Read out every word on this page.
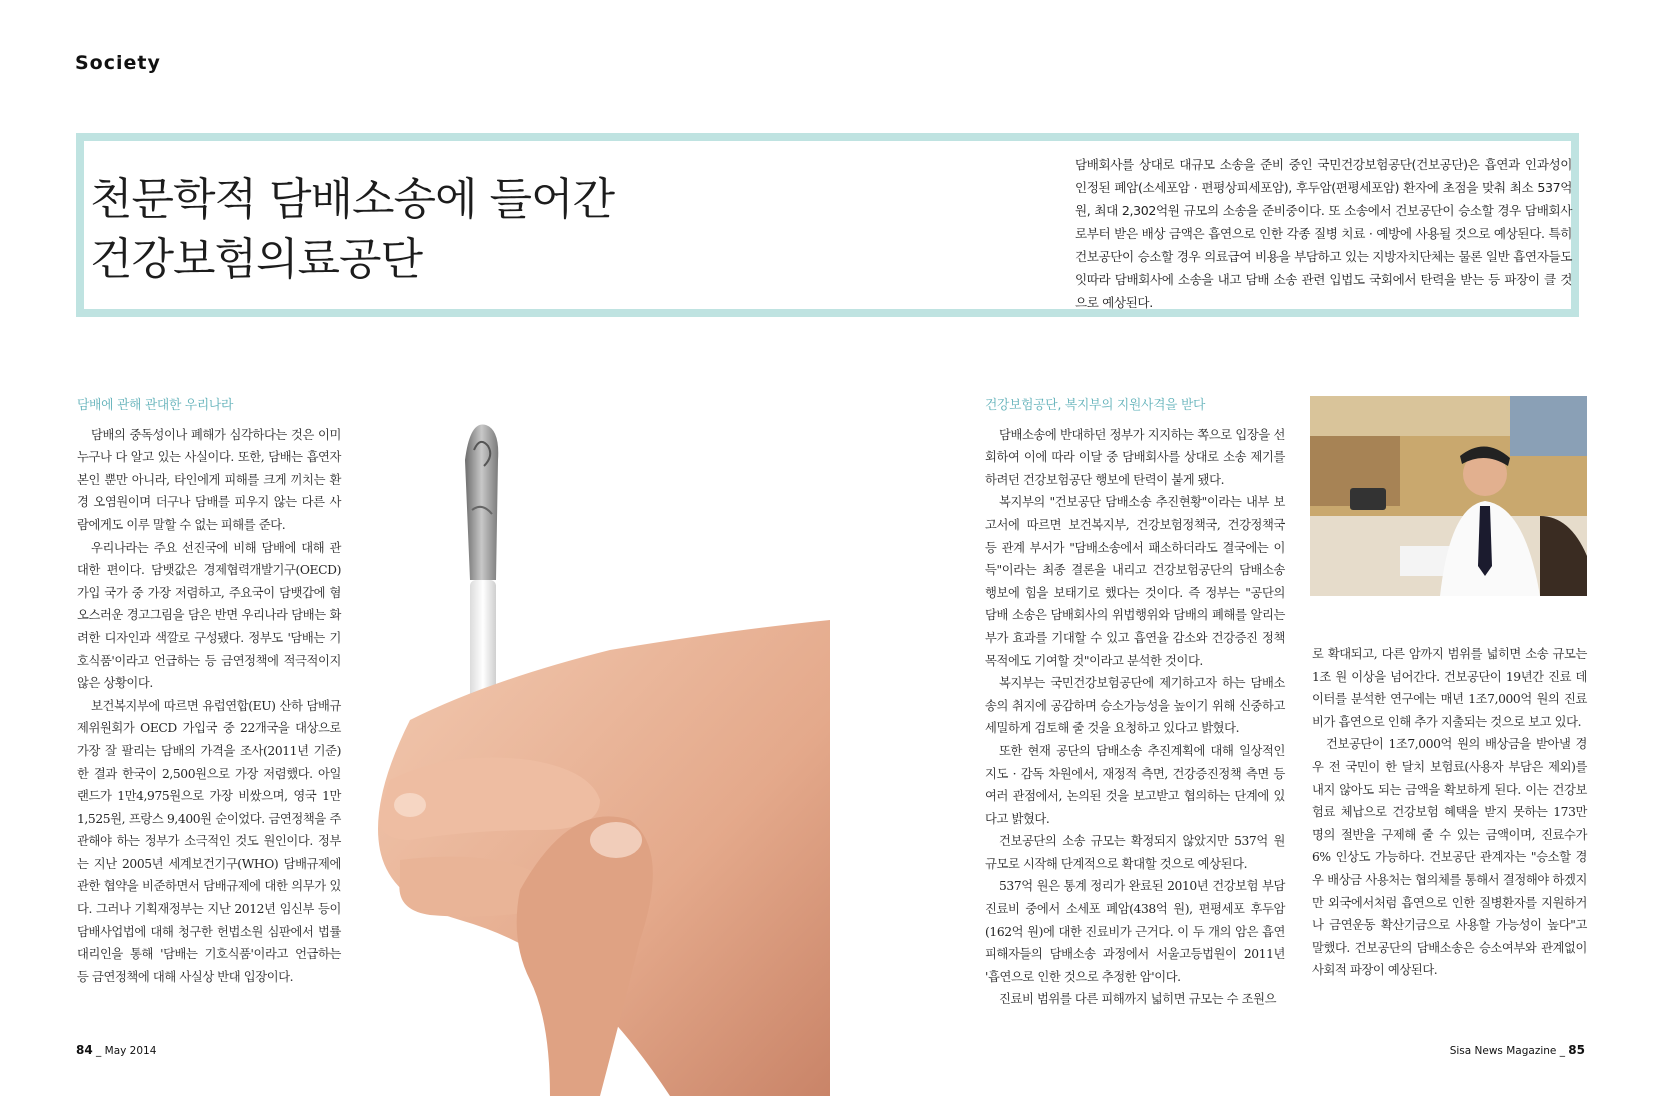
Society
천문학적 담배소송에 들어간
건강보험의료공단
담배회사를 상대로 대규모 소송을 준비 중인 국민건강보험공단(건보공단)은 흡연과 인과성이 인정된 폐암(소세포암 · 편평상피세포암), 후두암(편평세포암) 환자에 초점을 맞춰 최소 537억원, 최대 2,302억원 규모의 소송을 준비중이다. 또 소송에서 건보공단이 승소할 경우 담배회사로부터 받은 배상 금액은 흡연으로 인한 각종 질병 치료 · 예방에 사용될 것으로 예상된다. 특히 건보공단이 승소할 경우 의료급여 비용을 부담하고 있는 지방자치단체는 물론 일반 흡연자들도 잇따라 담배회사에 소송을 내고 담배 소송 관련 입법도 국회에서 탄력을 받는 등 파장이 클 것으로 예상된다.

담배에 관해 관대한 우리나라

담배의 중독성이나 폐해가 심각하다는 것은 이미 누구나 다 알고 있는 사실이다. 또한, 담배는 흡연자 본인 뿐만 아니라, 타인에게 피해를 크게 끼치는 환경 오염원이며 더구나 담배를 피우지 않는 다른 사람에게도 이루 말할 수 없는 피해를 준다.

우리나라는 주요 선진국에 비해 담배에 대해 관대한 편이다. 담뱃값은 경제협력개발기구(OECD) 가입 국가 중 가장 저렴하고, 주요국이 담뱃갑에 혐오스러운 경고그림을 담은 반면 우리나라 담배는 화려한 디자인과 색깔로 구성됐다. 정부도 '담배는 기호식품'이라고 언급하는 등 금연정책에 적극적이지 않은 상황이다.

보건복지부에 따르면 유럽연합(EU) 산하 담배규제위원회가 OECD 가입국 중 22개국을 대상으로 가장 잘 팔리는 담배의 가격을 조사(2011년 기준)한 결과 한국이 2,500원으로 가장 저렴했다. 아일랜드가 1만4,975원으로 가장 비쌌으며, 영국 1만1,525원, 프랑스 9,400원 순이었다. 금연정책을 주관해야 하는 정부가 소극적인 것도 원인이다. 정부는 지난 2005년 세계보건기구(WHO) 담배규제에 관한 협약을 비준하면서 담배규제에 대한 의무가 있다. 그러나 기획재정부는 지난 2012년 임신부 등이 담배사업법에 대해 청구한 헌법소원 심판에서 법률대리인을 통해 '담배는 기호식품'이라고 언급하는 등 금연정책에 대해 사실상 반대 입장이다.

건강보험공단, 복지부의 지원사격을 받다

담배소송에 반대하던 정부가 지지하는 쪽으로 입장을 선회하여 이에 따라 이달 중 담배회사를 상대로 소송 제기를 하려던 건강보험공단 행보에 탄력이 붙게 됐다.

복지부의 "건보공단 담배소송 추진현황"이라는 내부 보고서에 따르면 보건복지부, 건강보험정책국, 건강정책국 등 관계 부서가 "담배소송에서 패소하더라도 결국에는 이득"이라는 최종 결론을 내리고 건강보험공단의 담배소송 행보에 힘을 보태기로 했다는 것이다. 즉 정부는 "공단의 담배 소송은 담배회사의 위법행위와 담배의 폐해를 알리는 부가 효과를 기대할 수 있고 흡연율 감소와 건강증진 정책 목적에도 기여할 것"이라고 분석한 것이다.

복지부는 국민건강보험공단에 제기하고자 하는 담배소송의 취지에 공감하며 승소가능성을 높이기 위해 신중하고 세밀하게 검토해 줄 것을 요청하고 있다고 밝혔다.

또한 현재 공단의 담배소송 추진계획에 대해 일상적인 지도 · 감독 차원에서, 재정적 측면, 건강증진정책 측면 등 여러 관점에서, 논의된 것을 보고받고 협의하는 단계에 있다고 밝혔다.

건보공단의 소송 규모는 확정되지 않았지만 537억 원 규모로 시작해 단계적으로 확대할 것으로 예상된다.

537억 원은 통계 정리가 완료된 2010년 건강보험 부담 진료비 중에서 소세포 폐암(438억 원), 편평세포 후두암(162억 원)에 대한 진료비가 근거다. 이 두 개의 암은 흡연 피해자들의 담배소송 과정에서 서울고등법원이 2011년 '흡연으로 인한 것으로 추정한 암'이다.

진료비 범위를 다른 피해까지 넓히면 규모는 수 조원으

로 확대되고, 다른 암까지 범위를 넓히면 소송 규모는 1조 원 이상을 넘어간다. 건보공단이 19년간 진료 데이터를 분석한 연구에는 매년 1조7,000억 원의 진료비가 흡연으로 인해 추가 지출되는 것으로 보고 있다.

건보공단이 1조7,000억 원의 배상금을 받아낼 경우 전 국민이 한 달치 보험료(사용자 부담은 제외)를 내지 않아도 되는 금액을 확보하게 된다. 이는 건강보험료 체납으로 건강보험 혜택을 받지 못하는 173만 명의 절반을 구제해 줄 수 있는 금액이며, 진료수가 6% 인상도 가능하다. 건보공단 관계자는 "승소할 경우 배상금 사용처는 협의체를 통해서 결정해야 하겠지만 외국에서처럼 흡연으로 인한 질병환자를 지원하거나 금연운동 확산기금으로 사용할 가능성이 높다"고 말했다. 건보공단의 담배소송은 승소여부와 관계없이 사회적 파장이 예상된다.

84 _ May 2014	Sisa News Magazine _ 85
